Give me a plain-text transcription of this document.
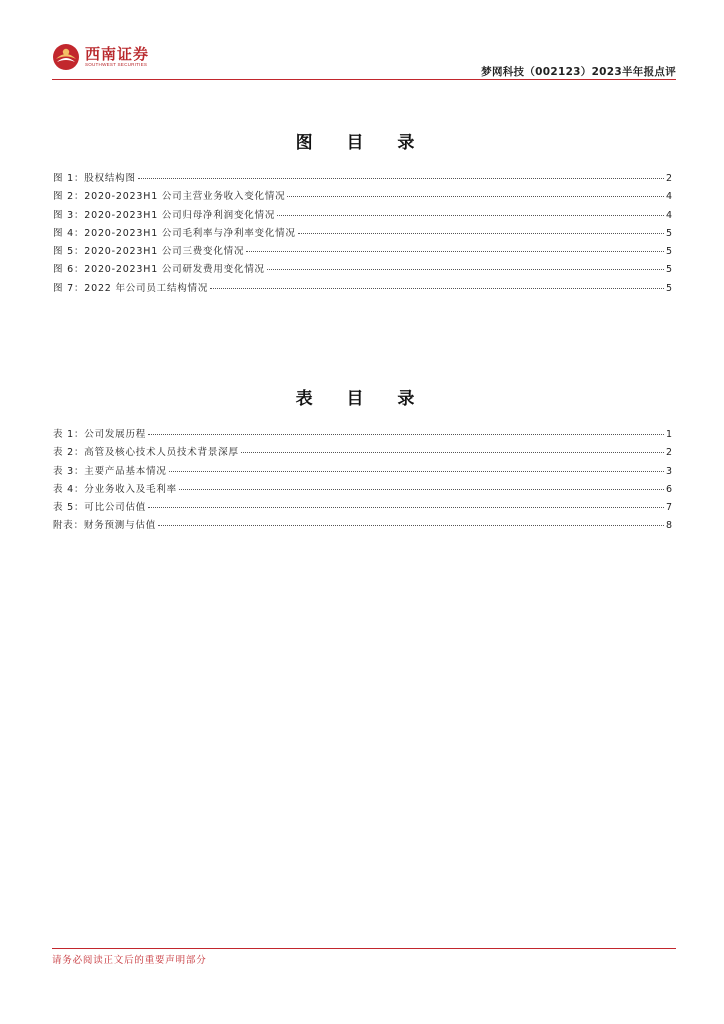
西南证券
SOUTHWEST SECURITIES
梦网科技（002123）2023半年报点评
图 目 录
图 1：股权结构图	2
图 2：2020-2023H1 公司主营业务收入变化情况	4
图 3：2020-2023H1 公司归母净利润变化情况	4
图 4：2020-2023H1 公司毛利率与净利率变化情况	5
图 5：2020-2023H1 公司三费变化情况	5
图 6：2020-2023H1 公司研发费用变化情况	5
图 7：2022 年公司员工结构情况	5
表 目 录
表 1：公司发展历程	1
表 2：高管及核心技术人员技术背景深厚	2
表 3：主要产品基本情况	3
表 4：分业务收入及毛利率	6
表 5：可比公司估值	7
附表：财务预测与估值	8
请务必阅读正文后的重要声明部分
